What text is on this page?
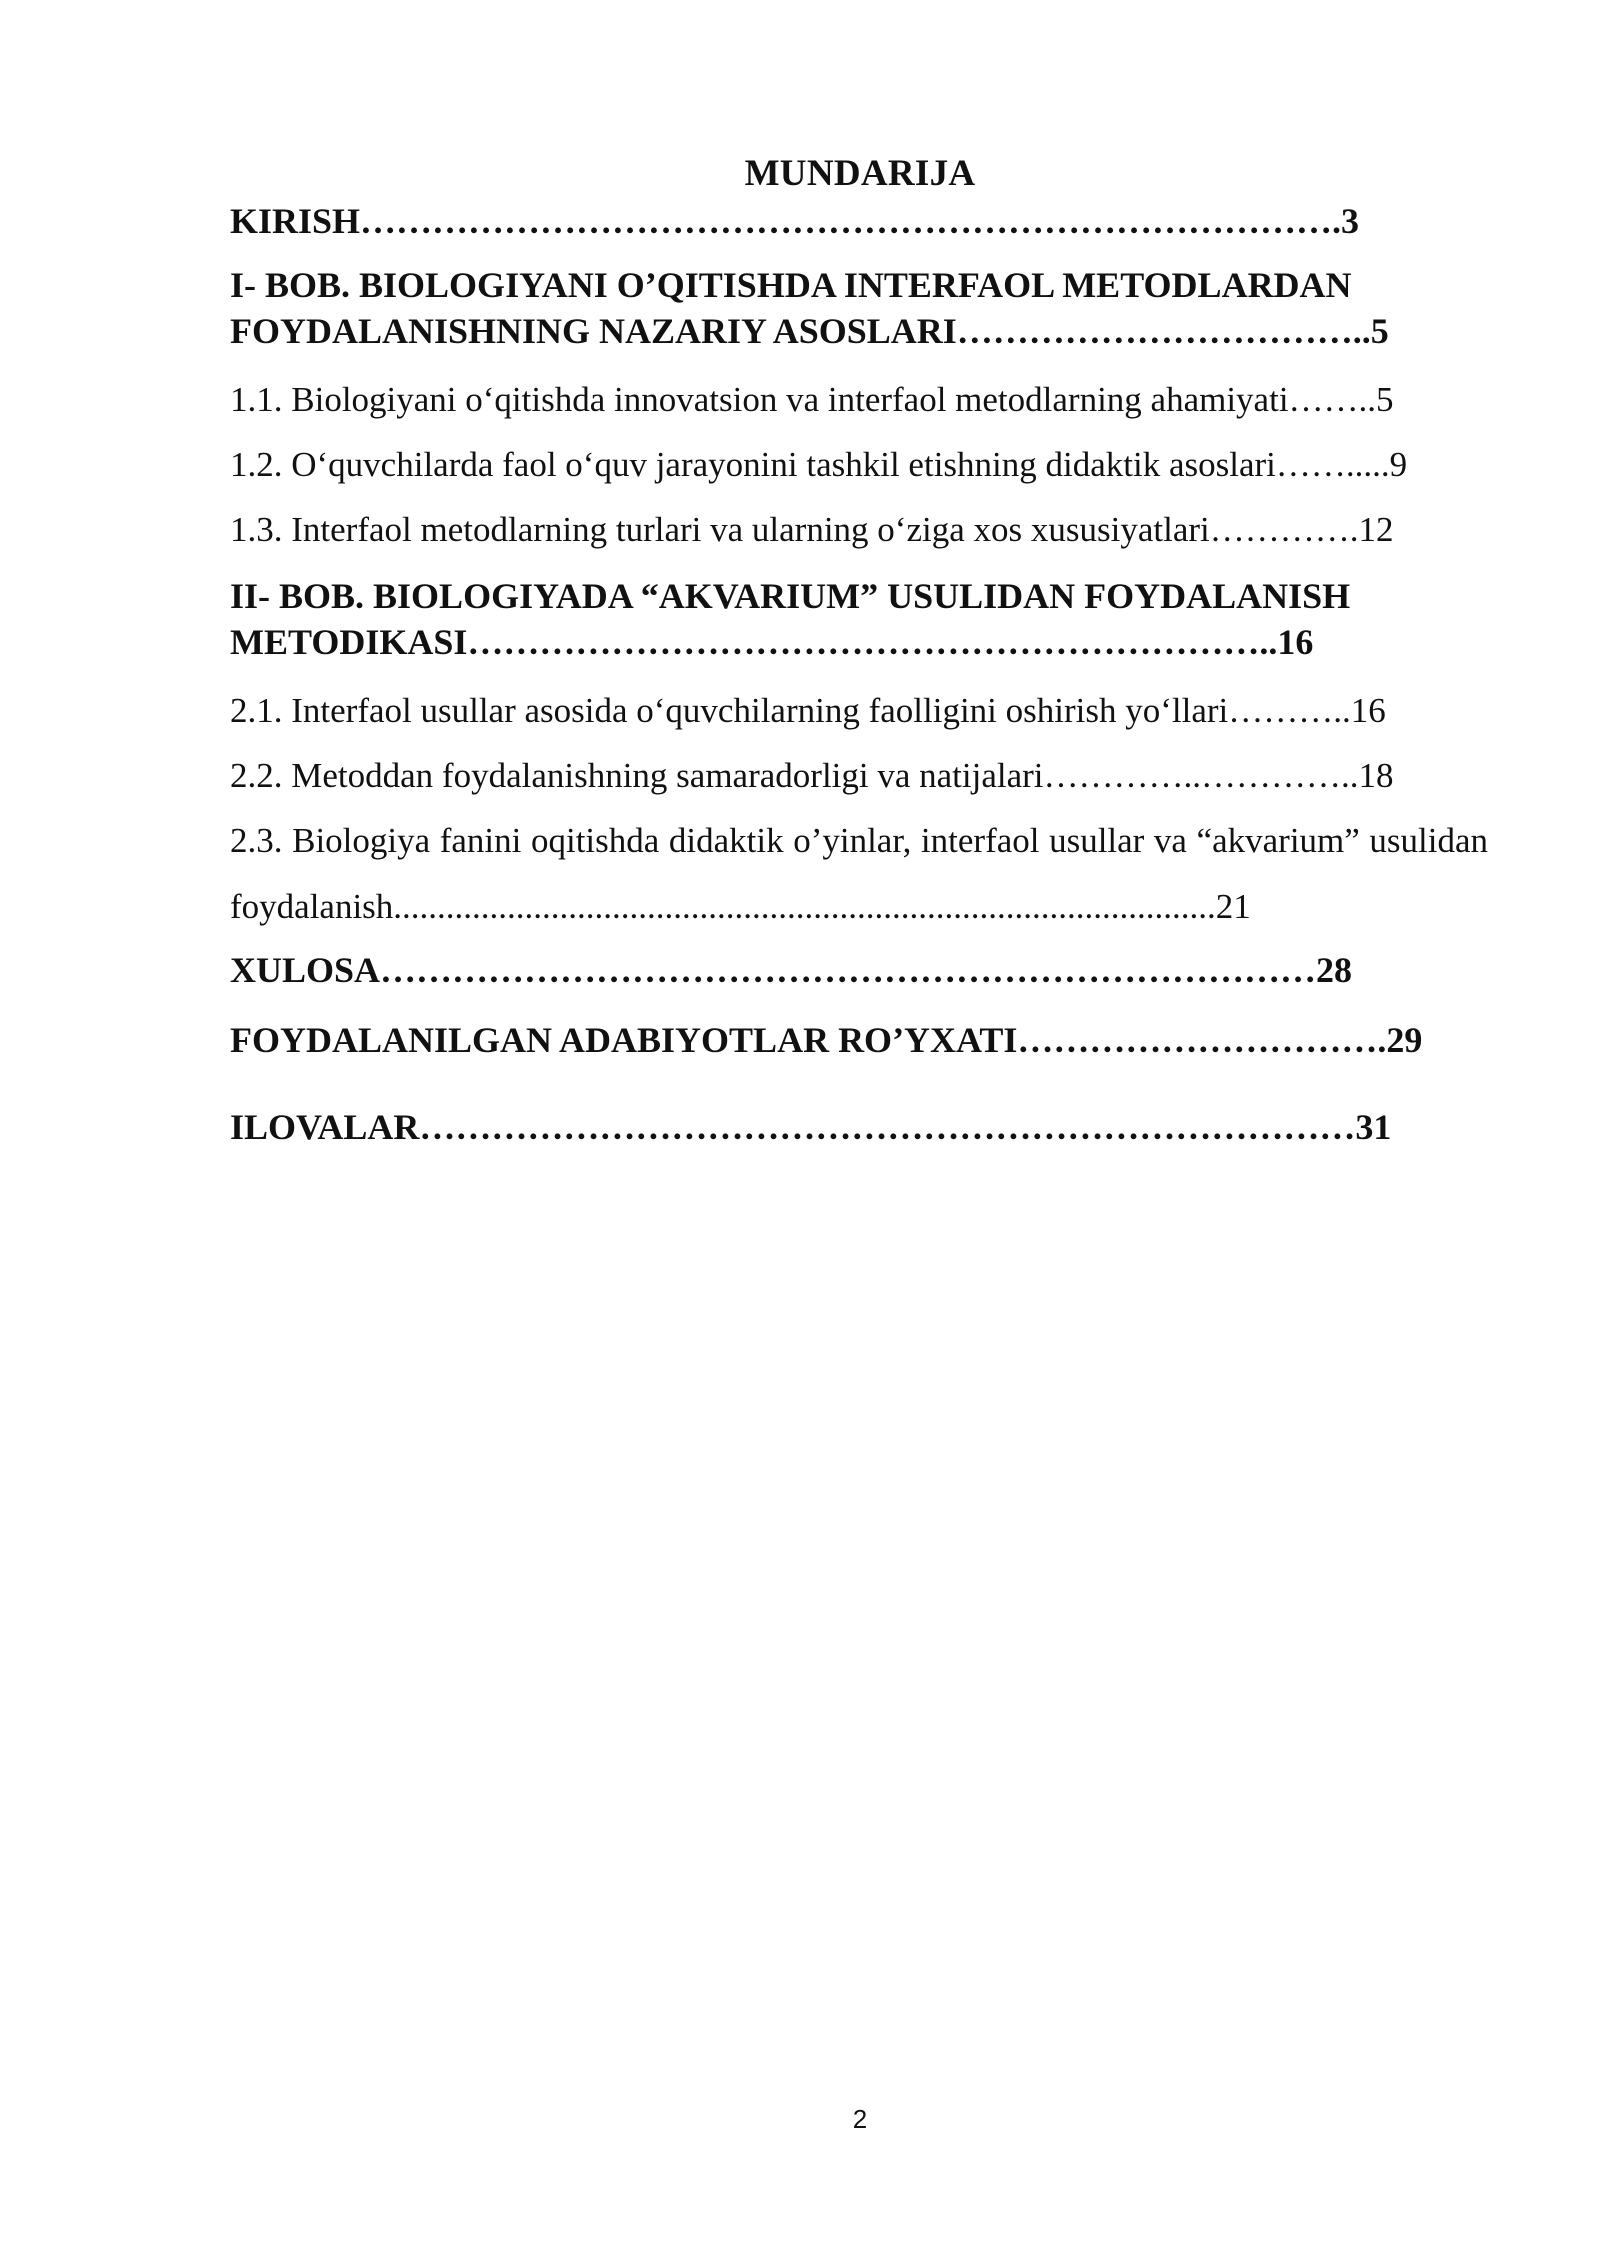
MUNDARIJA
KIRISH……………………………………………………………………….3
I- BOB. BIOLOGIYANI O’QITISHDA INTERFAOL METODLARDAN FOYDALANISHNING NAZARIY ASOSLARI……………………………..5
1.1. Biologiyani oʻqitishda innovatsion va interfaol metodlarning ahamiyati……..5
1.2. Oʻquvchilarda faol oʻquv jarayonini tashkil etishning didaktik asoslari…….....9
1.3. Interfaol metodlarning turlari va ularning oʻziga xos xususiyatlari………….12
II- BOB. BIOLOGIYADA “AKVARIUM” USULIDAN FOYDALANISH METODIKASI…………………………………………………………..16
2.1. Interfaol usullar asosida oʻquvchilarning faolligini oshirish yoʻllari………..16
2.2. Metoddan foydalanishning samaradorligi va natijalari…………..…………..18
2.3. Biologiya fanini oqitishda didaktik o’yinlar, interfaol usullar va “akvarium” usulidan foydalanish..............................................................................................21
XULOSA……………………………………………………………………28
FOYDALANILGAN ADABIYOTLAR RO’YXATI………………………….29
ILOVALAR……………………………………………………………………31
2
